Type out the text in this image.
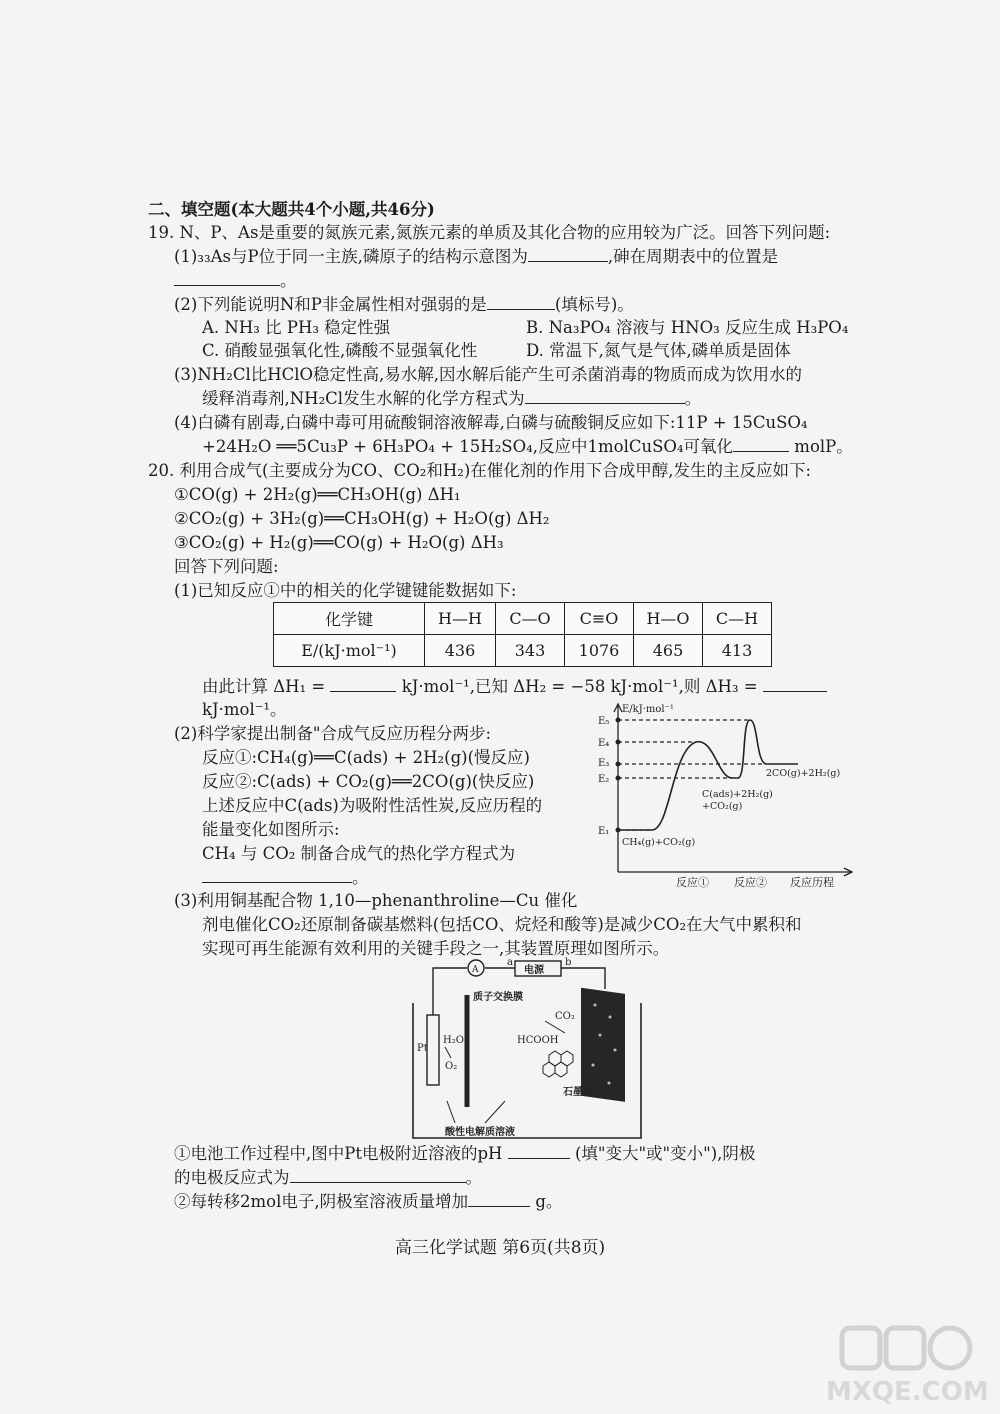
二、填空题(本大题共4个小题,共46分)
19. N、P、As是重要的氮族元素,氮族元素的单质及其化合物的应用较为广泛。回答下列问题:
(1)₃₃As与P位于同一主族,磷原子的结构示意图为	,砷在周期表中的位置是
。
(2)下列能说明N和P非金属性相对强弱的是	(填标号)。
A. NH₃ 比 PH₃ 稳定性强	B. Na₃PO₄ 溶液与 HNO₃ 反应生成 H₃PO₄
C. 硝酸显强氧化性,磷酸不显强氧化性	D. 常温下,氮气是气体,磷单质是固体
(3)NH₂Cl比HClO稳定性高,易水解,因水解后能产生可杀菌消毒的物质而成为饮用水的
缓释消毒剂,NH₂Cl发生水解的化学方程式为	。
(4)白磷有剧毒,白磷中毒可用硫酸铜溶液解毒,白磷与硫酸铜反应如下:11P + 15CuSO₄
+24H₂O ══5Cu₃P + 6H₃PO₄ + 15H₂SO₄,反应中1molCuSO₄可氧化	molP。
20. 利用合成气(主要成分为CO、CO₂和H₂)在催化剂的作用下合成甲醇,发生的主反应如下:
①CO(g) + 2H₂(g)══CH₃OH(g) ΔH₁
②CO₂(g) + 3H₂(g)══CH₃OH(g) + H₂O(g) ΔH₂
③CO₂(g) + H₂(g)══CO(g) + H₂O(g) ΔH₃
回答下列问题:
(1)已知反应①中的相关的化学键键能数据如下:
化学键	H—H	C—O	C≡O	H—O	C—H
E/(kJ·mol⁻¹)	436	343	1076	465	413
由此计算 ΔH₁ =	kJ·mol⁻¹,已知 ΔH₂ = −58 kJ·mol⁻¹,则 ΔH₃ =
kJ·mol⁻¹。
(2)科学家提出制备"合成气反应历程分两步:
反应①:CH₄(g)══C(ads) + 2H₂(g)(慢反应)
反应②:C(ads) + CO₂(g)══2CO(g)(快反应)
上述反应中C(ads)为吸附性活性炭,反应历程的
能量变化如图所示:
CH₄ 与 CO₂ 制备合成气的热化学方程式为
。
E/kJ·mol⁻¹
E₅
E₄
E₃
E₂
E₁
CH₄(g)+CO₂(g)
C(ads)+2H₂(g)
+CO₂(g)
2CO(g)+2H₂(g)
反应① 反应② 反应历程
(3)利用铜基配合物 1,10—phenanthroline—Cu 催化
剂电催化CO₂还原制备碳基燃料(包括CO、烷烃和酸等)是减少CO₂在大气中累积和
实现可再生能源有效利用的关键手段之一,其装置原理如图所示。
A
a	b
电源
质子交换膜
Pt
H₂O
O₂
CO₂
HCOOH
石墨烯
酸性电解质溶液
①电池工作过程中,图中Pt电极附近溶液的pH	(填"变大"或"变小"),阴极
的电极反应式为	。
②每转移2mol电子,阴极室溶液质量增加	g。
高三化学试题 第6页(共8页)
MXQE.COM
